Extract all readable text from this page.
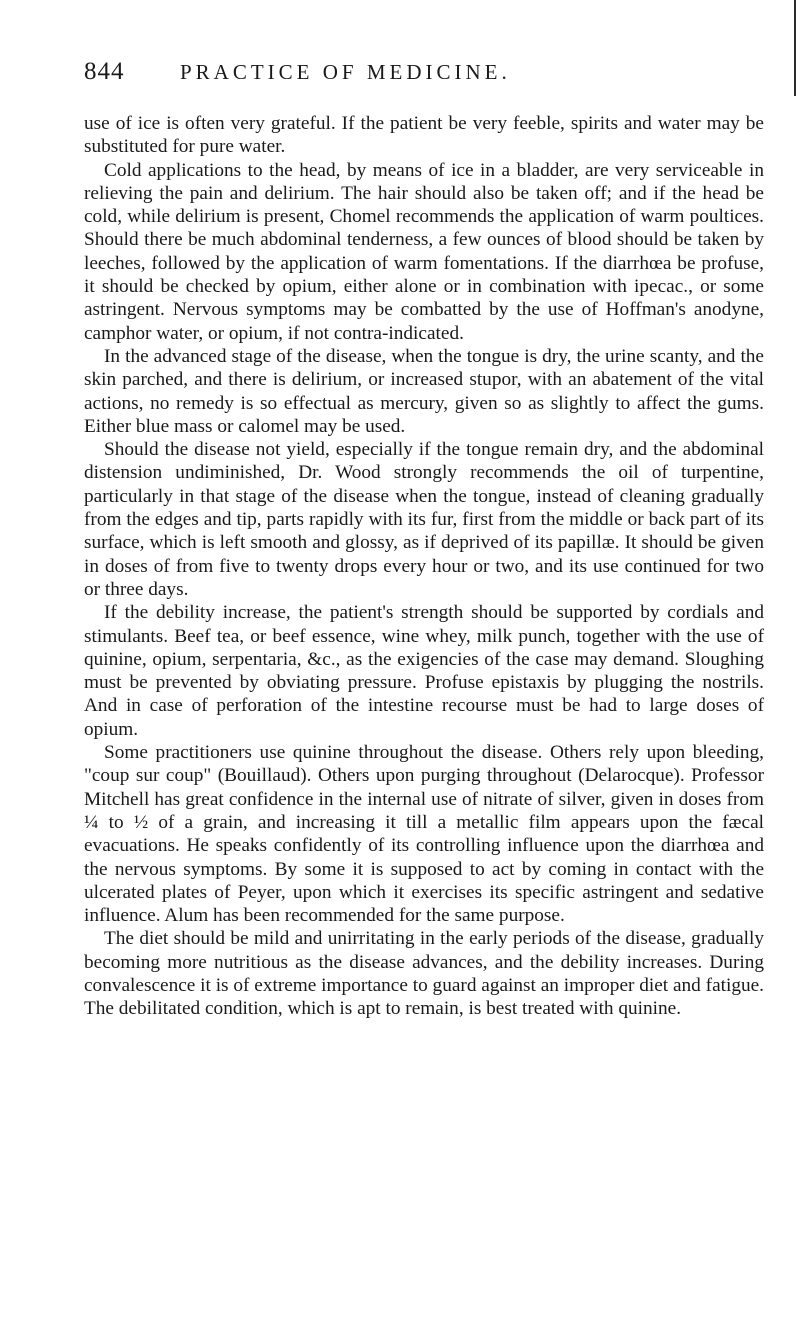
844	PRACTICE OF MEDICINE.

use of ice is often very grateful. If the patient be very feeble, spirits and water may be substituted for pure water.

Cold applications to the head, by means of ice in a bladder, are very serviceable in relieving the pain and delirium. The hair should also be taken off; and if the head be cold, while delirium is present, Chomel recommends the application of warm poultices. Should there be much abdominal tenderness, a few ounces of blood should be taken by leeches, followed by the application of warm fomentations. If the diarrhœa be profuse, it should be checked by opium, either alone or in combination with ipecac., or some astringent. Nervous symptoms may be combatted by the use of Hoffman's anodyne, camphor water, or opium, if not contra-indicated.

In the advanced stage of the disease, when the tongue is dry, the urine scanty, and the skin parched, and there is delirium, or increased stupor, with an abatement of the vital actions, no remedy is so effectual as mercury, given so as slightly to affect the gums. Either blue mass or calomel may be used.

Should the disease not yield, especially if the tongue remain dry, and the abdominal distension undiminished, Dr. Wood strongly recommends the oil of turpentine, particularly in that stage of the disease when the tongue, instead of cleaning gradually from the edges and tip, parts rapidly with its fur, first from the middle or back part of its surface, which is left smooth and glossy, as if deprived of its papillæ. It should be given in doses of from five to twenty drops every hour or two, and its use continued for two or three days.

If the debility increase, the patient's strength should be supported by cordials and stimulants. Beef tea, or beef essence, wine whey, milk punch, together with the use of quinine, opium, serpentaria, &c., as the exigencies of the case may demand. Sloughing must be prevented by obviating pressure. Profuse epistaxis by plugging the nostrils. And in case of perforation of the intestine recourse must be had to large doses of opium.

Some practitioners use quinine throughout the disease. Others rely upon bleeding, "coup sur coup" (Bouillaud). Others upon purging throughout (Delarocque). Professor Mitchell has great confidence in the internal use of nitrate of silver, given in doses from ¼ to ½ of a grain, and increasing it till a metallic film appears upon the fæcal evacuations. He speaks confidently of its controlling influence upon the diarrhœa and the nervous symptoms. By some it is supposed to act by coming in contact with the ulcerated plates of Peyer, upon which it exercises its specific astringent and sedative influence. Alum has been recommended for the same purpose.

The diet should be mild and unirritating in the early periods of the disease, gradually becoming more nutritious as the disease advances, and the debility increases. During convalescence it is of extreme importance to guard against an improper diet and fatigue. The debilitated condition, which is apt to remain, is best treated with quinine.
